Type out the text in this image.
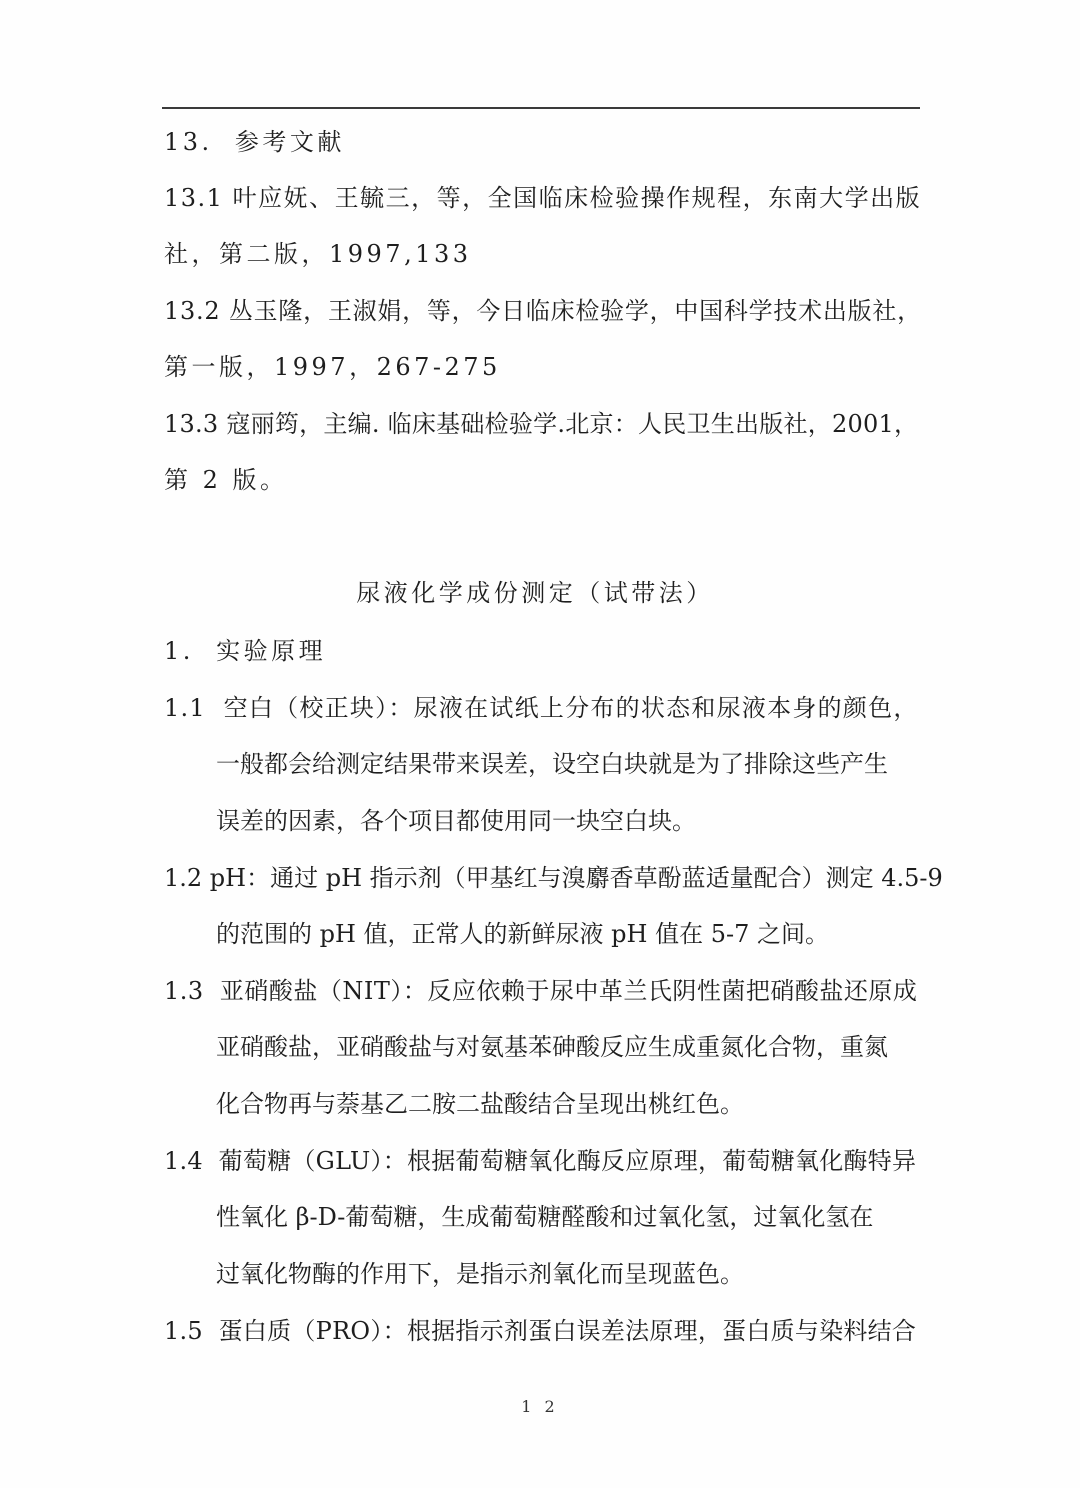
13.  参考文献
13.1 叶应妩、王毓三，等，全国临床检验操作规程，东南大学出版
社，第二版，1997,133
13.2 丛玉隆，王淑娟，等，今日临床检验学，中国科学技术出版社，
第一版，1997，267-275
13.3 寇丽筠，主编. 临床基础检验学.北京：人民卫生出版社，2001，
第 2 版。
尿液化学成份测定（试带法）
1.  实验原理
1.1  空白（校正块）：尿液在试纸上分布的状态和尿液本身的颜色，
一般都会给测定结果带来误差，设空白块就是为了排除这些产生
误差的因素，各个项目都使用同一块空白块。
1.2 pH：通过 pH 指示剂（甲基红与溴麝香草酚蓝适量配合）测定 4.5-9
的范围的 pH 值，正常人的新鲜尿液 pH 值在 5-7 之间。
1.3  亚硝酸盐（NIT）：反应依赖于尿中革兰氏阴性菌把硝酸盐还原成
亚硝酸盐，亚硝酸盐与对氨基苯砷酸反应生成重氮化合物，重氮
化合物再与萘基乙二胺二盐酸结合呈现出桃红色。
1.4  葡萄糖（GLU）：根据葡萄糖氧化酶反应原理，葡萄糖氧化酶特异
性氧化 β-D-葡萄糖，生成葡萄糖醛酸和过氧化氢，过氧化氢在
过氧化物酶的作用下，是指示剂氧化而呈现蓝色。
1.5  蛋白质（PRO）：根据指示剂蛋白误差法原理，蛋白质与染料结合
1 2
